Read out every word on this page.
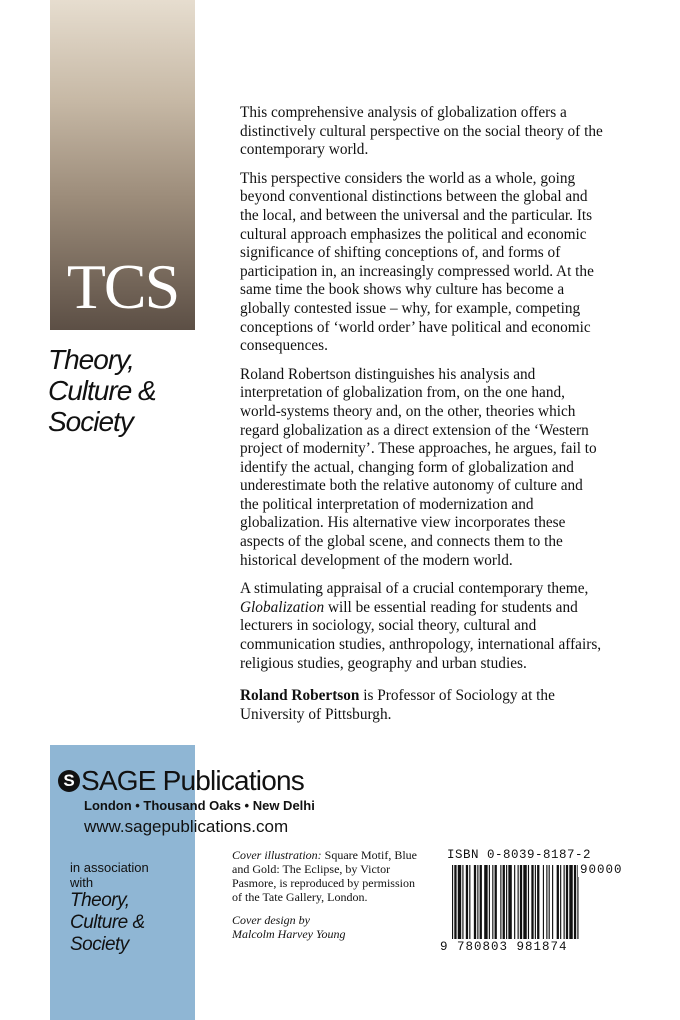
TCS
Theory,
Culture &
Society

This comprehensive analysis of globalization offers a distinctively cultural perspective on the social theory of the contemporary world.

This perspective considers the world as a whole, going beyond conventional distinctions between the global and the local, and between the universal and the particular. Its cultural approach emphasizes the political and economic significance of shifting conceptions of, and forms of participation in, an increasingly compressed world. At the same time the book shows why culture has become a globally contested issue – why, for example, competing conceptions of ‘world order’ have political and economic consequences.

Roland Robertson distinguishes his analysis and interpretation of globalization from, on the one hand, world-systems theory and, on the other, theories which regard globalization as a direct extension of the ‘Western project of modernity’. These approaches, he argues, fail to identify the actual, changing form of globalization and underestimate both the relative autonomy of culture and the political interpretation of modernization and globalization. His alternative view incorporates these aspects of the global scene, and connects them to the historical development of the modern world.

A stimulating appraisal of a crucial contemporary theme, Globalization will be essential reading for students and lecturers in sociology, social theory, cultural and communication studies, anthropology, international affairs, religious studies, geography and urban studies.

Roland Robertson is Professor of Sociology at the University of Pittsburgh.

S SAGE Publications
London • Thousand Oaks • New Delhi
www.sagepublications.com
in association
with
Theory,
Culture &
Society

Cover illustration: Square Motif, Blue and Gold: The Eclipse, by Victor Pasmore, is reproduced by permission of the Tate Gallery, London.

Cover design by
Malcolm Harvey Young

ISBN 0-8039-8187-2
90000
9 780803 981874
